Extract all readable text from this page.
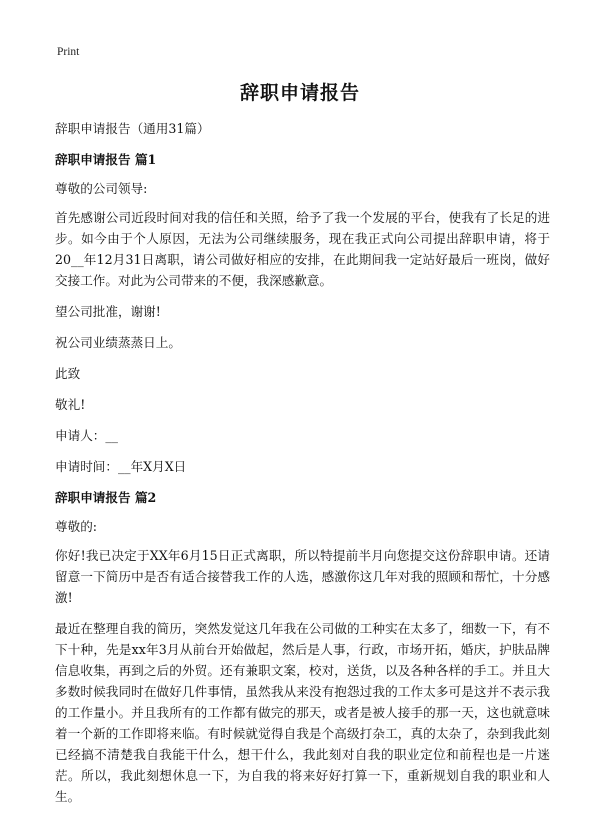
Print
辞职申请报告

辞职申请报告（通用31篇）

辞职申请报告 篇1

尊敬的公司领导:

首先感谢公司近段时间对我的信任和关照，给予了我一个发展的平台，使我有了长足的进步。如今由于个人原因，无法为公司继续服务，现在我正式向公司提出辞职申请，将于20__年12月31日离职，请公司做好相应的安排，在此期间我一定站好最后一班岗，做好交接工作。对此为公司带来的不便，我深感歉意。

望公司批准，谢谢!

祝公司业绩蒸蒸日上。

此致

敬礼!

申请人：__

申请时间：__年X月X日

辞职申请报告 篇2

尊敬的:

你好!我已决定于XX年6月15日正式离职，所以特提前半月向您提交这份辞职申请。还请留意一下简历中是否有适合接替我工作的人选，感激你这几年对我的照顾和帮忙，十分感激!

最近在整理自我的简历，突然发觉这几年我在公司做的工种实在太多了，细数一下，有不下十种，先是xx年3月从前台开始做起，然后是人事，行政，市场开拓，婚庆，护肤品牌信息收集，再到之后的外贸。还有兼职文案，校对，送货，以及各种各样的手工。并且大多数时候我同时在做好几件事情，虽然我从来没有抱怨过我的工作太多可是这并不表示我的工作量小。并且我所有的工作都有做完的那天，或者是被人接手的那一天，这也就意味着一个新的工作即将来临。有时候就觉得自我是个高级打杂工，真的太杂了，杂到我此刻已经搞不清楚我自我能干什么，想干什么，我此刻对自我的职业定位和前程也是一片迷茫。所以，我此刻想休息一下，为自我的将来好好打算一下，重新规划自我的职业和人生。
